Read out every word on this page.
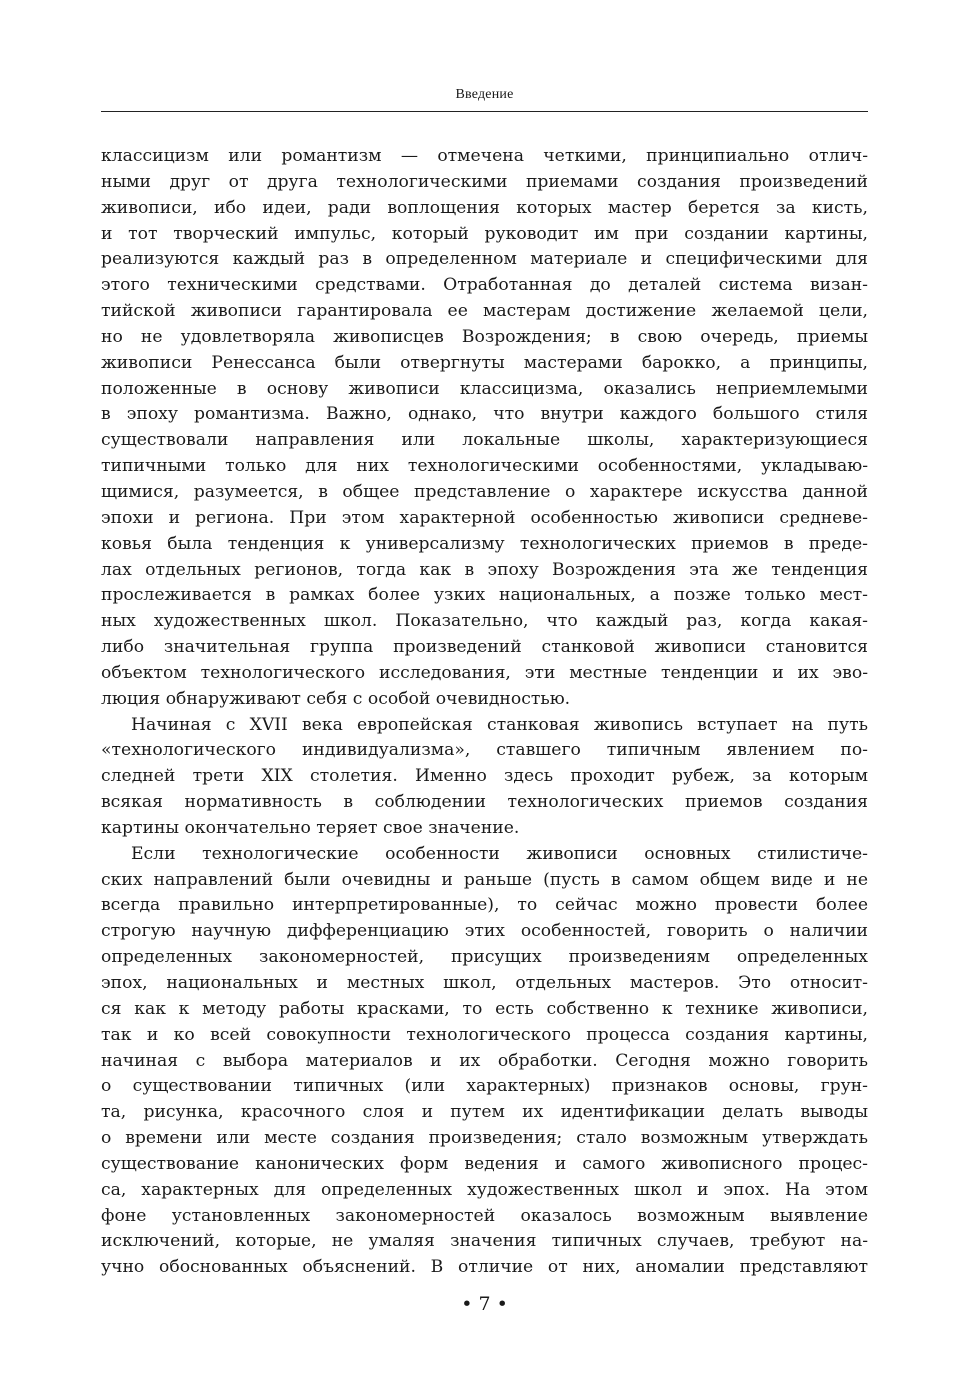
Введение

классицизм или романтизм — отмечена четкими, принципиально отлич-
ными друг от друга технологическими приемами создания произведений
живописи, ибо идеи, ради воплощения которых мастер берется за кисть,
и тот творческий импульс, который руководит им при создании картины,
реализуются каждый раз в определенном материале и специфическими для
этого техническими средствами. Отработанная до деталей система визан-
тийской живописи гарантировала ее мастерам достижение желаемой цели,
но не удовлетворяла живописцев Возрождения; в свою очередь, приемы
живописи Ренессанса были отвергнуты мастерами барокко, а принципы,
положенные в основу живописи классицизма, оказались неприемлемыми
в эпоху романтизма. Важно, однако, что внутри каждого большого стиля
существовали направления или локальные школы, характеризующиеся
типичными только для них технологическими особенностями, укладываю-
щимися, разумеется, в общее представление о характере искусства данной
эпохи и региона. При этом характерной особенностью живописи средневе-
ковья была тенденция к универсализму технологических приемов в преде-
лах отдельных регионов, тогда как в эпоху Возрождения эта же тенденция
прослеживается в рамках более узких национальных, а позже только мест-
ных художественных школ. Показательно, что каждый раз, когда какая-
либо значительная группа произведений станковой живописи становится
объектом технологического исследования, эти местные тенденции и их эво-
люция обнаруживают себя с особой очевидностью.

Начиная с XVII века европейская станковая живопись вступает на путь
«технологического индивидуализма», ставшего типичным явлением по-
следней трети XIX столетия. Именно здесь проходит рубеж, за которым
всякая нормативность в соблюдении технологических приемов создания
картины окончательно теряет свое значение.

Если технологические особенности живописи основных стилистиче-
ских направлений были очевидны и раньше (пусть в самом общем виде и не
всегда правильно интерпретированные), то сейчас можно провести более
строгую научную дифференциацию этих особенностей, говорить о наличии
определенных закономерностей, присущих произведениям определенных
эпох, национальных и местных школ, отдельных мастеров. Это относит-
ся как к методу работы красками, то есть собственно к технике живописи,
так и ко всей совокупности технологического процесса создания картины,
начиная с выбора материалов и их обработки. Сегодня можно говорить
о существовании типичных (или характерных) признаков основы, грун-
та, рисунка, красочного слоя и путем их идентификации делать выводы
о времени или месте создания произведения; стало возможным утверждать
существование канонических форм ведения и самого живописного процес-
са, характерных для определенных художественных школ и эпох. На этом
фоне установленных закономерностей оказалось возможным выявление
исключений, которые, не умаляя значения типичных случаев, требуют на-
учно обоснованных объяснений. В отличие от них, аномалии представляют

• 7 •
